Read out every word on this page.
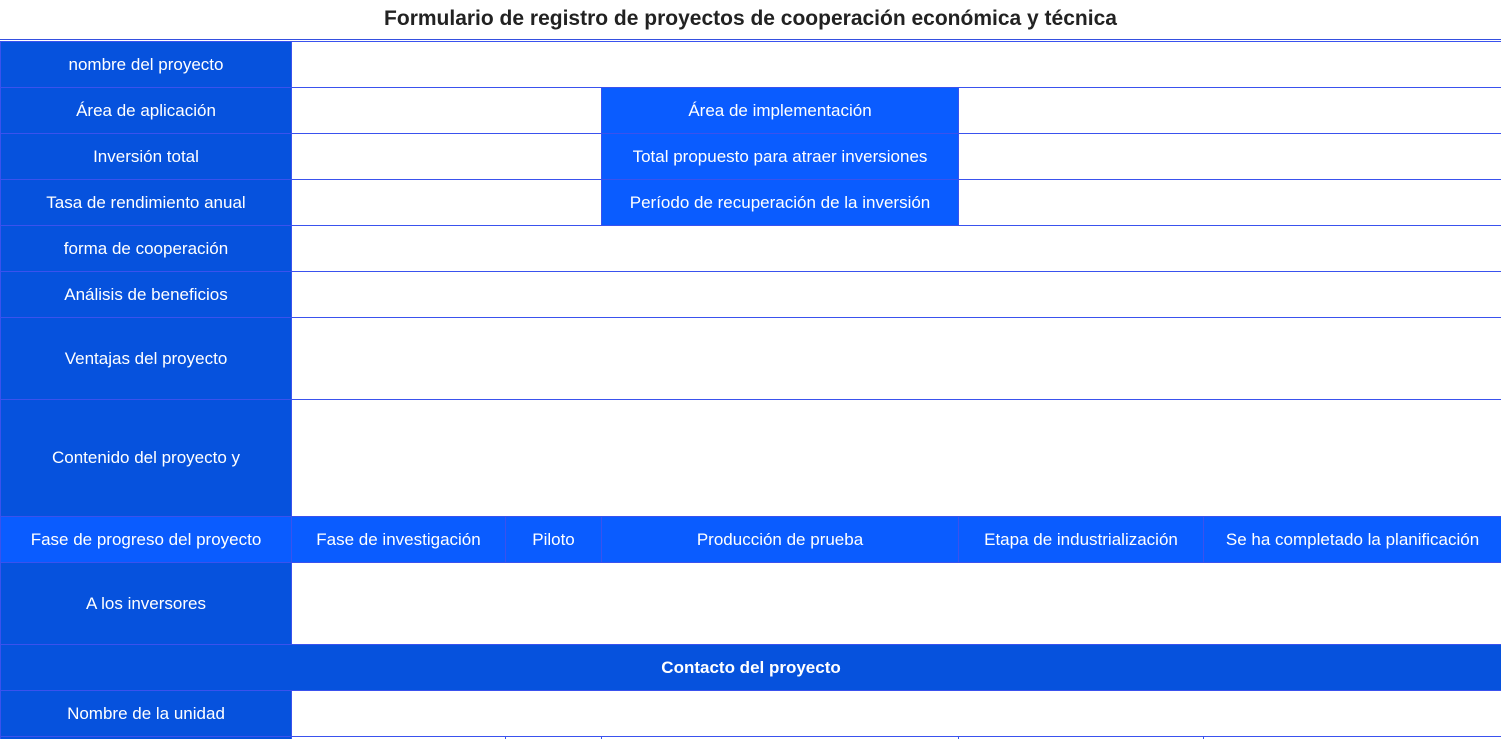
Formulario de registro de proyectos de cooperación económica y técnica
nombre del proyecto					
Área de aplicación			Área de implementación		
Inversión total			Total propuesto para atraer inversiones		
Tasa de rendimiento anual			Período de recuperación de la inversión		
forma de cooperación					
Análisis de beneficios					
Ventajas del proyecto					
Contenido del proyecto y					
Fase de progreso del proyecto	Fase de investigación	Piloto	Producción de prueba	Etapa de industrialización	Se ha completado la planificación
A los inversores					
Contacto del proyecto					
Nombre de la unidad					
